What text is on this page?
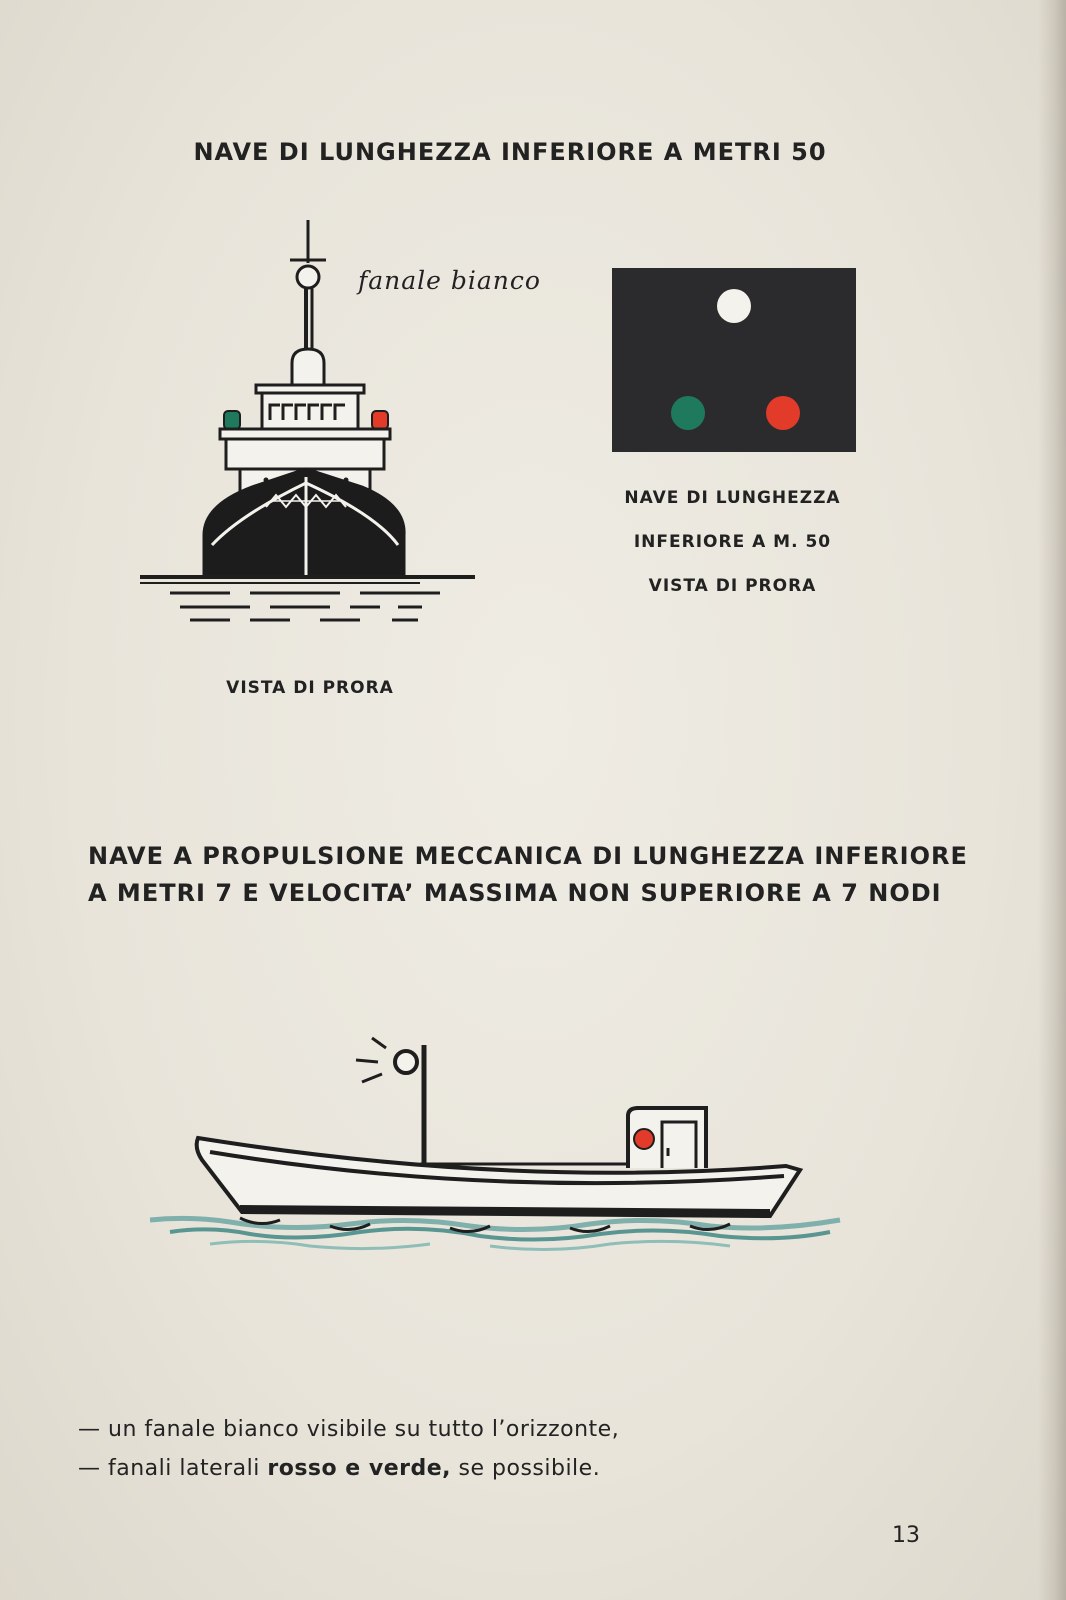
NAVE DI LUNGHEZZA INFERIORE A METRI 50
fanale bianco
VISTA DI PRORA
NAVE DI LUNGHEZZA
INFERIORE A M. 50
VISTA DI PRORA
NAVE A PROPULSIONE MECCANICA DI LUNGHEZZA INFERIORE
A METRI 7 E VELOCITA’ MASSIMA NON SUPERIORE A 7 NODI
— un fanale bianco visibile su tutto l’orizzonte,
— fanali laterali rosso e verde, se possibile.
13
